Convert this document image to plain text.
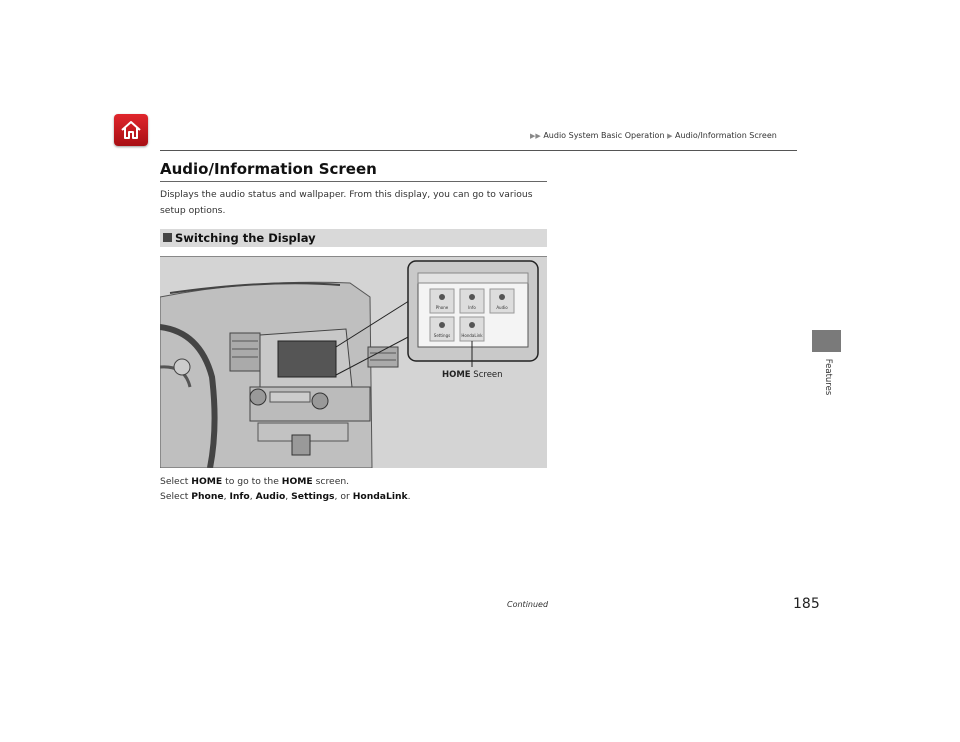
▶▶ Audio System Basic Operation ▶ Audio/Information Screen
Audio/Information Screen
Displays the audio status and wallpaper. From this display, you can go to various
setup options.
Switching the Display
Phone	Info	Audio
Settings	HondaLink
HOME Screen
Select HOME to go to the HOME screen.
Select Phone, Info, Audio, Settings, or HondaLink.
Features
Continued	185
